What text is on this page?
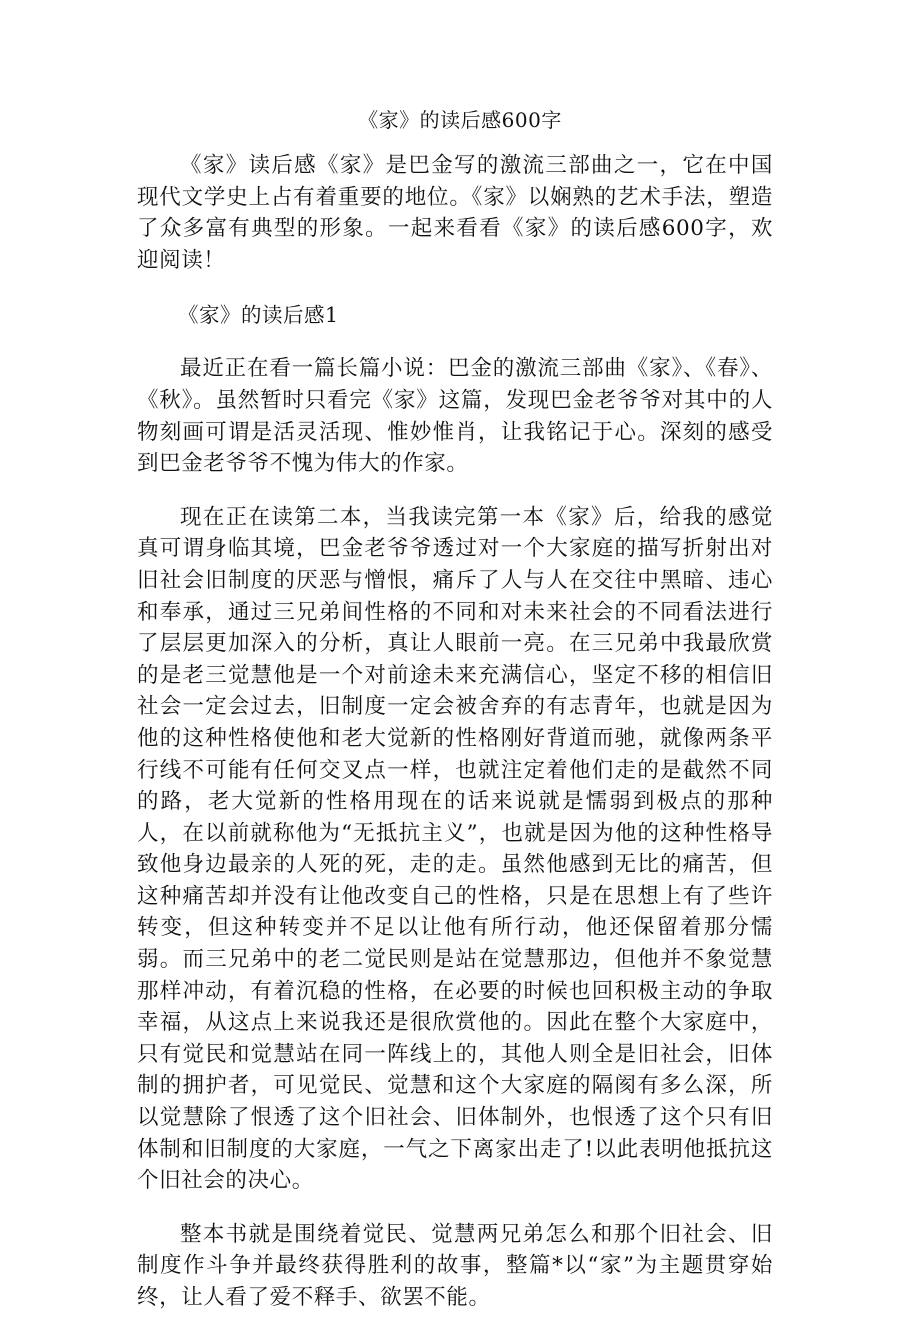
《家》的读后感600字

《家》读后感《家》是巴金写的激流三部曲之一，它在中国现代文学史上占有着重要的地位。《家》以娴熟的艺术手法，塑造了众多富有典型的形象。一起来看看《家》的读后感600字，欢迎阅读！

《家》的读后感1

最近正在看一篇长篇小说：巴金的激流三部曲《家》、《春》、《秋》。虽然暂时只看完《家》这篇，发现巴金老爷爷对其中的人物刻画可谓是活灵活现、惟妙惟肖，让我铭记于心。深刻的感受到巴金老爷爷不愧为伟大的作家。

现在正在读第二本，当我读完第一本《家》后，给我的感觉真可谓身临其境，巴金老爷爷透过对一个大家庭的描写折射出对旧社会旧制度的厌恶与憎恨，痛斥了人与人在交往中黑暗、违心和奉承，通过三兄弟间性格的不同和对未来社会的不同看法进行了层层更加深入的分析，真让人眼前一亮。在三兄弟中我最欣赏的是老三觉慧他是一个对前途未来充满信心，坚定不移的相信旧社会一定会过去，旧制度一定会被舍弃的有志青年，也就是因为他的这种性格使他和老大觉新的性格刚好背道而驰，就像两条平行线不可能有任何交叉点一样，也就注定着他们走的是截然不同的路，老大觉新的性格用现在的话来说就是懦弱到极点的那种人，在以前就称他为“无抵抗主义”，也就是因为他的这种性格导致他身边最亲的人死的死，走的走。虽然他感到无比的痛苦，但这种痛苦却并没有让他改变自己的性格，只是在思想上有了些许转变，但这种转变并不足以让他有所行动，他还保留着那分懦弱。而三兄弟中的老二觉民则是站在觉慧那边，但他并不象觉慧那样冲动，有着沉稳的性格，在必要的时候也回积极主动的争取幸福，从这点上来说我还是很欣赏他的。因此在整个大家庭中，只有觉民和觉慧站在同一阵线上的，其他人则全是旧社会，旧体制的拥护者，可见觉民、觉慧和这个大家庭的隔阂有多么深，所以觉慧除了恨透了这个旧社会、旧体制外，也恨透了这个只有旧体制和旧制度的大家庭，一气之下离家出走了!以此表明他抵抗这个旧社会的决心。

整本书就是围绕着觉民、觉慧两兄弟怎么和那个旧社会、旧制度作斗争并最终获得胜利的故事，整篇*以“家”为主题贯穿始终，让人看了爱不释手、欲罢不能。
